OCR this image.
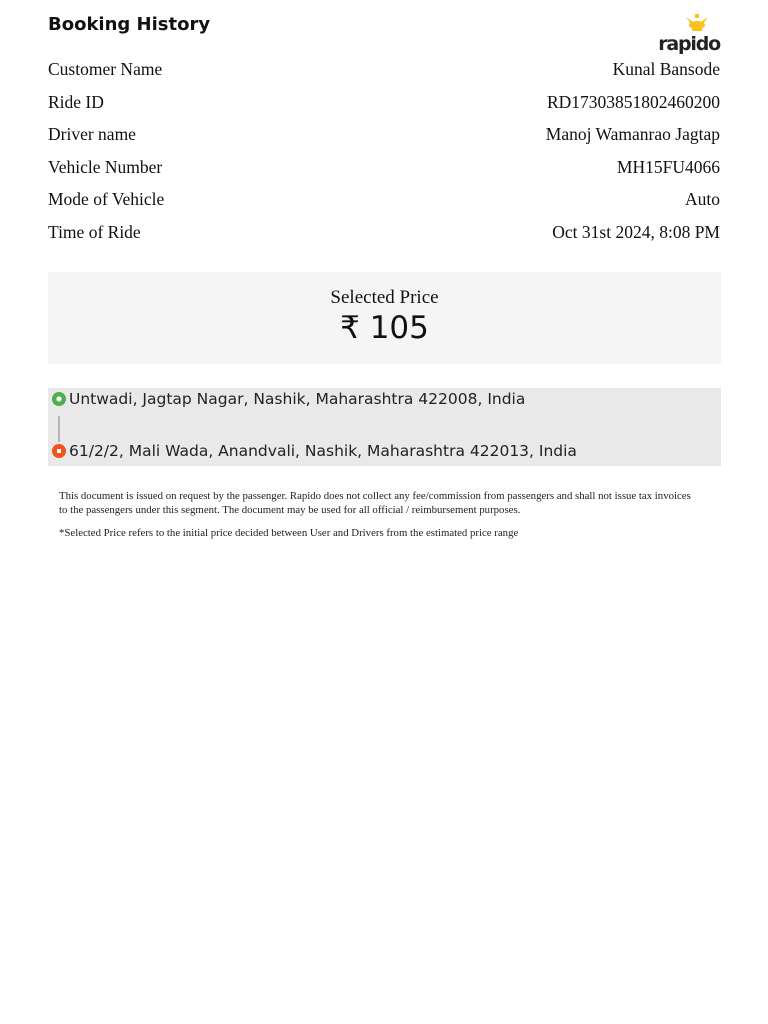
Booking History
rapido
Customer Name	Kunal Bansode
Ride ID	RD17303851802460200
Driver name	Manoj Wamanrao Jagtap
Vehicle Number	MH15FU4066
Mode of Vehicle	Auto
Time of Ride	Oct 31st 2024, 8:08 PM
Selected Price
₹ 105
Untwadi, Jagtap Nagar, Nashik, Maharashtra 422008, India
61/2/2, Mali Wada, Anandvali, Nashik, Maharashtra 422013, India
This document is issued on request by the passenger. Rapido does not collect any fee/commission from passengers and shall not issue tax invoices to the passengers under this segment. The document may be used for all official / reimbursement purposes.
*Selected Price refers to the initial price decided between User and Drivers from the estimated price range
